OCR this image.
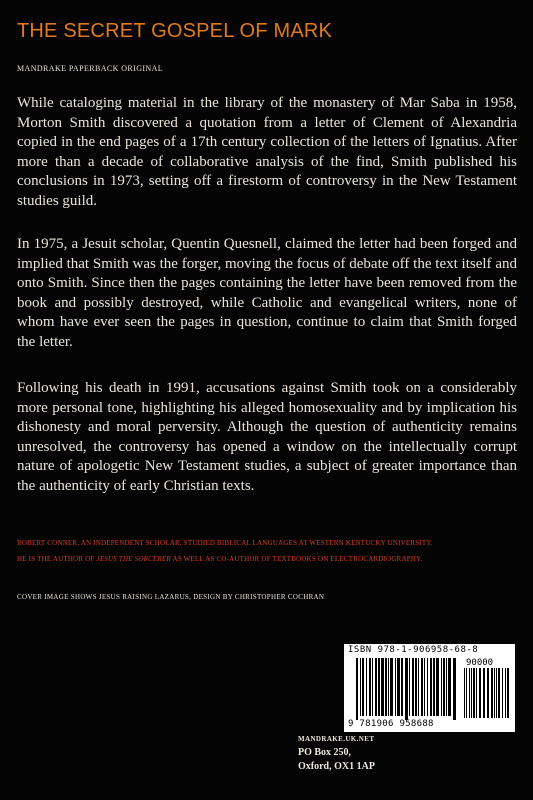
THE SECRET GOSPEL OF MARK
MANDRAKE PAPERBACK ORIGINAL

While cataloging material in the library of the monastery of Mar Saba in 1958, Morton Smith discovered a quotation from a letter of Clement of Alexandria copied in the end pages of a 17th century collection of the letters of Ignatius. After more than a decade of collaborative analysis of the find, Smith published his conclusions in 1973, setting off a firestorm of controversy in the New Testament studies guild.

In 1975, a Jesuit scholar, Quentin Quesnell, claimed the letter had been forged and implied that Smith was the forger, moving the focus of debate off the text itself and onto Smith. Since then the pages containing the letter have been removed from the book and possibly destroyed, while Catholic and evangelical writers, none of whom have ever seen the pages in question, continue to claim that Smith forged the letter.

Following his death in 1991, accusations against Smith took on a considerably more personal tone, highlighting his alleged homosexuality and by implication his dishonesty and moral perversity. Although the question of authenticity remains unresolved, the controversy has opened a window on the intellectually corrupt nature of apologetic New Testament studies, a subject of greater importance than the authenticity of early Christian texts.

ROBERT CONNER, AN INDEPENDENT SCHOLAR, STUDIED BIBLICAL LANGUAGES AT WESTERN KENTUCKY UNIVERSITY.
HE IS THE AUTHOR OF JESUS THE SORCERER AS WELL AS CO-AUTHOR OF TEXTBOOKS ON ELECTROCARDIOGRAPHY.
COVER IMAGE SHOWS JESUS RAISING LAZARUS, DESIGN BY CHRISTOPHER COCHRAN
ISBN 978-1-906958-68-8
90000
9 781906 958688
MANDRAKE.UK.NET
PO Box 250,
Oxford, OX1 1AP
